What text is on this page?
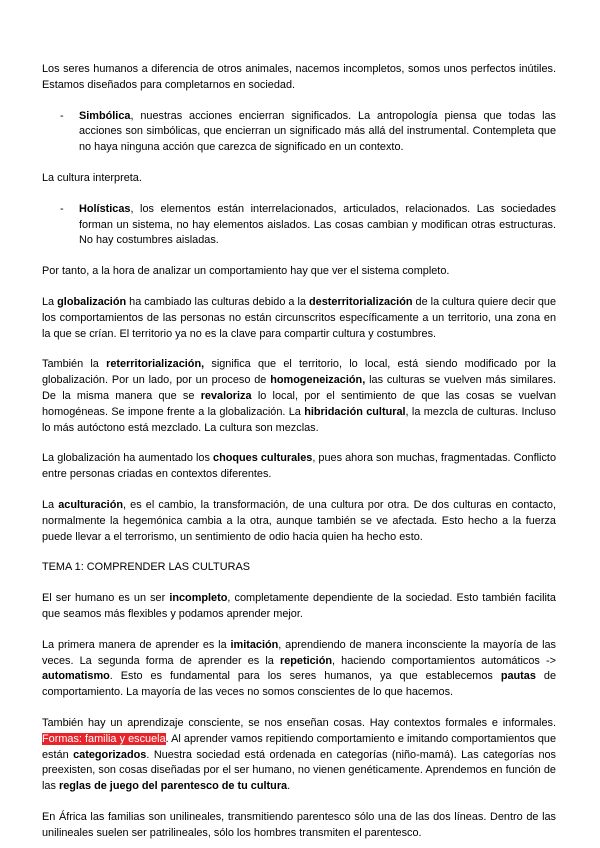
Los seres humanos a diferencia de otros animales, nacemos incompletos, somos unos perfectos inútiles. Estamos diseñados para completarnos en sociedad.

- Simbólica, nuestras acciones encierran significados. La antropología piensa que todas las acciones son simbólicas, que encierran un significado más allá del instrumental. Contempleta que no haya ninguna acción que carezca de significado en un contexto.

La cultura interpreta.

- Holísticas, los elementos están interrelacionados, articulados, relacionados. Las sociedades forman un sistema, no hay elementos aislados. Las cosas cambian y modifican otras estructuras. No hay costumbres aisladas.

Por tanto, a la hora de analizar un comportamiento hay que ver el sistema completo.

La globalización ha cambiado las culturas debido a la desterritorialización de la cultura quiere decir que los comportamientos de las personas no están circunscritos específicamente a un territorio, una zona en la que se crían. El territorio ya no es la clave para compartir cultura y costumbres.

También la reterritorialización, significa que el territorio, lo local, está siendo modificado por la globalización. Por un lado, por un proceso de homogeneización, las culturas se vuelven más similares. De la misma manera que se revaloriza lo local, por el sentimiento de que las cosas se vuelvan homogéneas. Se impone frente a la globalización. La hibridación cultural, la mezcla de culturas. Incluso lo más autóctono está mezclado. La cultura son mezclas.

La globalización ha aumentado los choques culturales, pues ahora son muchas, fragmentadas. Conflicto entre personas criadas en contextos diferentes.

La aculturación, es el cambio, la transformación, de una cultura por otra. De dos culturas en contacto, normalmente la hegemónica cambia a la otra, aunque también se ve afectada. Esto hecho a la fuerza puede llevar a el terrorismo, un sentimiento de odio hacia quien ha hecho esto.

TEMA 1: COMPRENDER LAS CULTURAS

El ser humano es un ser incompleto, completamente dependiente de la sociedad. Esto también facilita que seamos más flexibles y podamos aprender mejor.

La primera manera de aprender es la imitación, aprendiendo de manera inconsciente la mayoría de las veces. La segunda forma de aprender es la repetición, haciendo comportamientos automáticos -> automatismo. Esto es fundamental para los seres humanos, ya que establecemos pautas de comportamiento. La mayoría de las veces no somos conscientes de lo que hacemos.

También hay un aprendizaje consciente, se nos enseñan cosas. Hay contextos formales e informales. Formas: familia y escuela. Al aprender vamos repitiendo comportamiento e imitando comportamientos que están categorizados. Nuestra sociedad está ordenada en categorías (niño-mamá). Las categorías nos preexisten, son cosas diseñadas por el ser humano, no vienen genéticamente. Aprendemos en función de las reglas de juego del parentesco de tu cultura.

En África las familias son unilineales, transmitiendo parentesco sólo una de las dos líneas. Dentro de las unilineales suelen ser patrilineales, sólo los hombres transmiten el parentesco.
